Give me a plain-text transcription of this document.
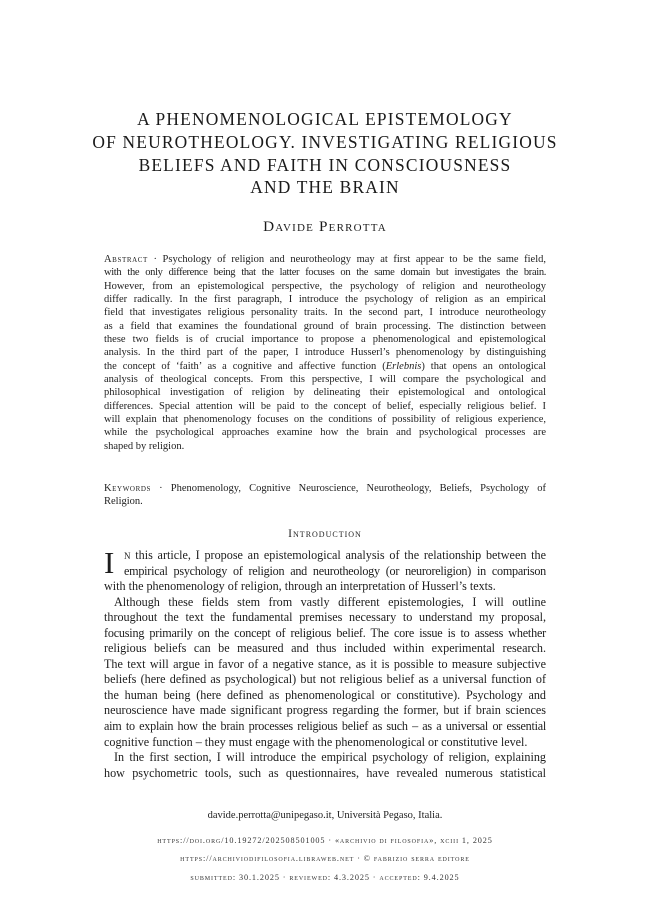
A PHENOMENOLOGICAL EPISTEMOLOGY
OF NEUROTHEOLOGY. INVESTIGATING RELIGIOUS
BELIEFS AND FAITH IN CONSCIOUSNESS
AND THE BRAIN
Davide Perrotta
Abstract · Psychology of religion and neurotheology may at first appear to be the same field,
with the only difference being that the latter focuses on the same domain but investigates the brain.
However, from an epistemological perspective, the psychology of religion and neurotheology
differ radically. In the first paragraph, I introduce the psychology of religion as an empirical
field that investigates religious personality traits. In the second part, I introduce neurotheology
as a field that examines the foundational ground of brain processing. The distinction between
these two fields is of crucial importance to propose a phenomenological and epistemological
analysis. In the third part of the paper, I introduce Husserl’s phenomenology by distinguishing
the concept of ‘faith’ as a cognitive and affective function (Erlebnis) that opens an ontological
analysis of theological concepts. From this perspective, I will compare the psychological and
philosophical investigation of religion by delineating their epistemological and ontological
differences. Special attention will be paid to the concept of belief, especially religious belief. I
will explain that phenomenology focuses on the conditions of possibility of religious experience,
while the psychological approaches examine how the brain and psychological processes are
shaped by religion.
Keywords · Phenomenology, Cognitive Neuroscience, Neurotheology, Beliefs, Psychology of
Religion.
Introduction
I n this article, I propose an epistemological analysis of the relationship between the
empirical psychology of religion and neurotheology (or neuroreligion) in comparison
with the phenomenology of religion, through an interpretation of Husserl’s texts.
Although these fields stem from vastly different epistemologies, I will outline
throughout the text the fundamental premises necessary to understand my proposal,
focusing primarily on the concept of religious belief. The core issue is to assess whether
religious beliefs can be measured and thus included within experimental research.
The text will argue in favor of a negative stance, as it is possible to measure subjective
beliefs (here defined as psychological) but not religious belief as a universal function of
the human being (here defined as phenomenological or constitutive). Psychology and
neuroscience have made significant progress regarding the former, but if brain sciences
aim to explain how the brain processes religious belief as such – as a universal or essential
cognitive function – they must engage with the phenomenological or constitutive level.
In the first section, I will introduce the empirical psychology of religion, explaining
how psychometric tools, such as questionnaires, have revealed numerous statistical
davide.perrotta@unipegaso.it, Università Pegaso, Italia.
https://doi.org/10.19272/202508501005 · «archivio di filosofia», xciii 1, 2025
https://archiviodifilosofia.libraweb.net · © fabrizio serra editore
submitted: 30.1.2025 · reviewed: 4.3.2025 · accepted: 9.4.2025
